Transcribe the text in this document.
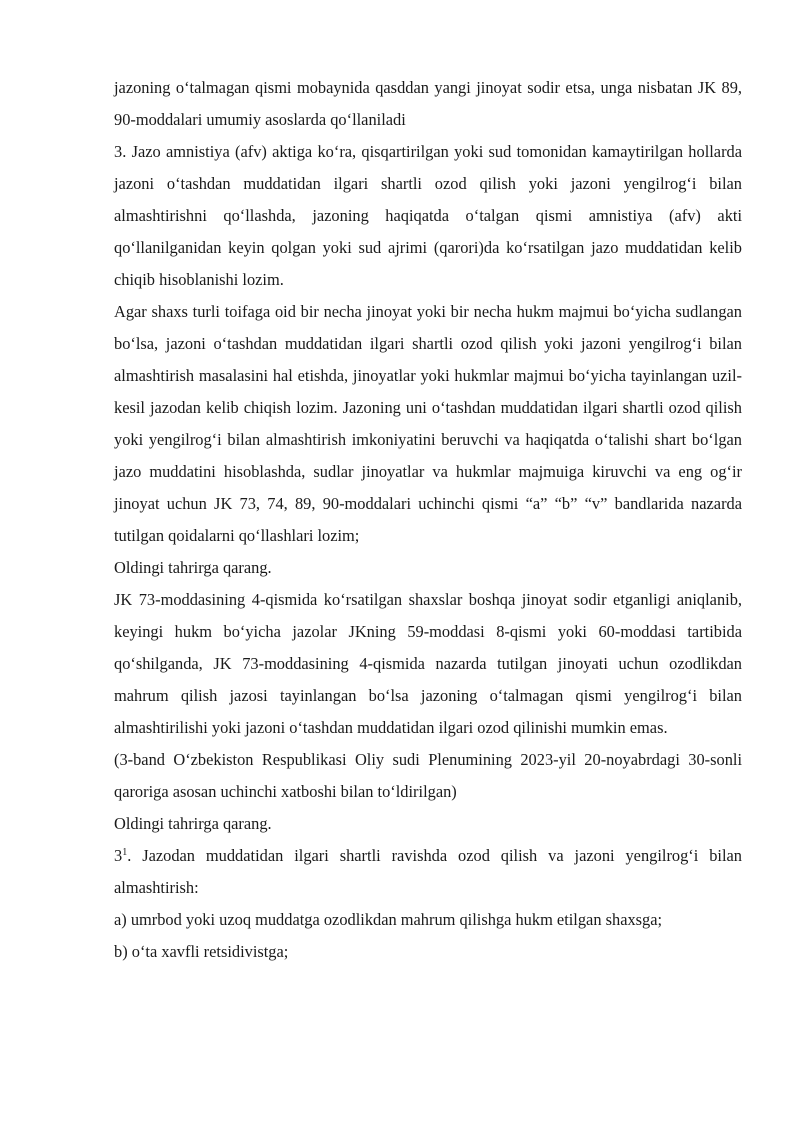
jazoning o‘talmagan qismi mobaynida qasddan yangi jinoyat sodir etsa, unga nisbatan JK 89, 90-moddalari umumiy asoslarda qo‘llaniladi

3. Jazo amnistiya (afv) aktiga ko‘ra, qisqartirilgan yoki sud tomonidan kamaytirilgan hollarda jazoni o‘tashdan muddatidan ilgari shartli ozod qilish yoki jazoni yengilrog‘i bilan almashtirishni qo‘llashda, jazoning haqiqatda o‘talgan qismi amnistiya (afv) akti qo‘llanilganidan keyin qolgan yoki sud ajrimi (qarori)da ko‘rsatilgan jazo muddatidan kelib chiqib hisoblanishi lozim.

Agar shaxs turli toifaga oid bir necha jinoyat yoki bir necha hukm majmui bo‘yicha sudlangan bo‘lsa, jazoni o‘tashdan muddatidan ilgari shartli ozod qilish yoki jazoni yengilrog‘i bilan almashtirish masalasini hal etishda, jinoyatlar yoki hukmlar majmui bo‘yicha tayinlangan uzil-kesil jazodan kelib chiqish lozim. Jazoning uni o‘tashdan muddatidan ilgari shartli ozod qilish yoki yengilrog‘i bilan almashtirish imkoniyatini beruvchi va haqiqatda o‘talishi shart bo‘lgan jazo muddatini hisoblashda, sudlar jinoyatlar va hukmlar majmuiga kiruvchi va eng og‘ir jinoyat uchun JK 73, 74, 89, 90-moddalari uchinchi qismi “a” “b” “v” bandlarida nazarda tutilgan qoidalarni qo‘llashlari lozim;

Oldingi tahrirga qarang.

JK 73-moddasining 4-qismida ko‘rsatilgan shaxslar boshqa jinoyat sodir etganligi aniqlanib, keyingi hukm bo‘yicha jazolar JKning 59-moddasi 8-qismi yoki 60-moddasi tartibida qo‘shilganda, JK 73-moddasining 4-qismida nazarda tutilgan jinoyati uchun ozodlikdan mahrum qilish jazosi tayinlangan bo‘lsa jazoning o‘talmagan qismi yengilrog‘i bilan almashtirilishi yoki jazoni o‘tashdan muddatidan ilgari ozod qilinishi mumkin emas.

(3-band O‘zbekiston Respublikasi Oliy sudi Plenumining 2023-yil 20-noyabrdagi 30-sonli qaroriga asosan uchinchi xatboshi bilan to‘ldirilgan)

Oldingi tahrirga qarang.

$3^1$. Jazodan muddatidan ilgari shartli ravishda ozod qilish va jazoni yengilrog‘i bilan almashtirish:

a) umrbod yoki uzoq muddatga ozodlikdan mahrum qilishga hukm etilgan shaxsga;

b) o‘ta xavfli retsidivistga;
